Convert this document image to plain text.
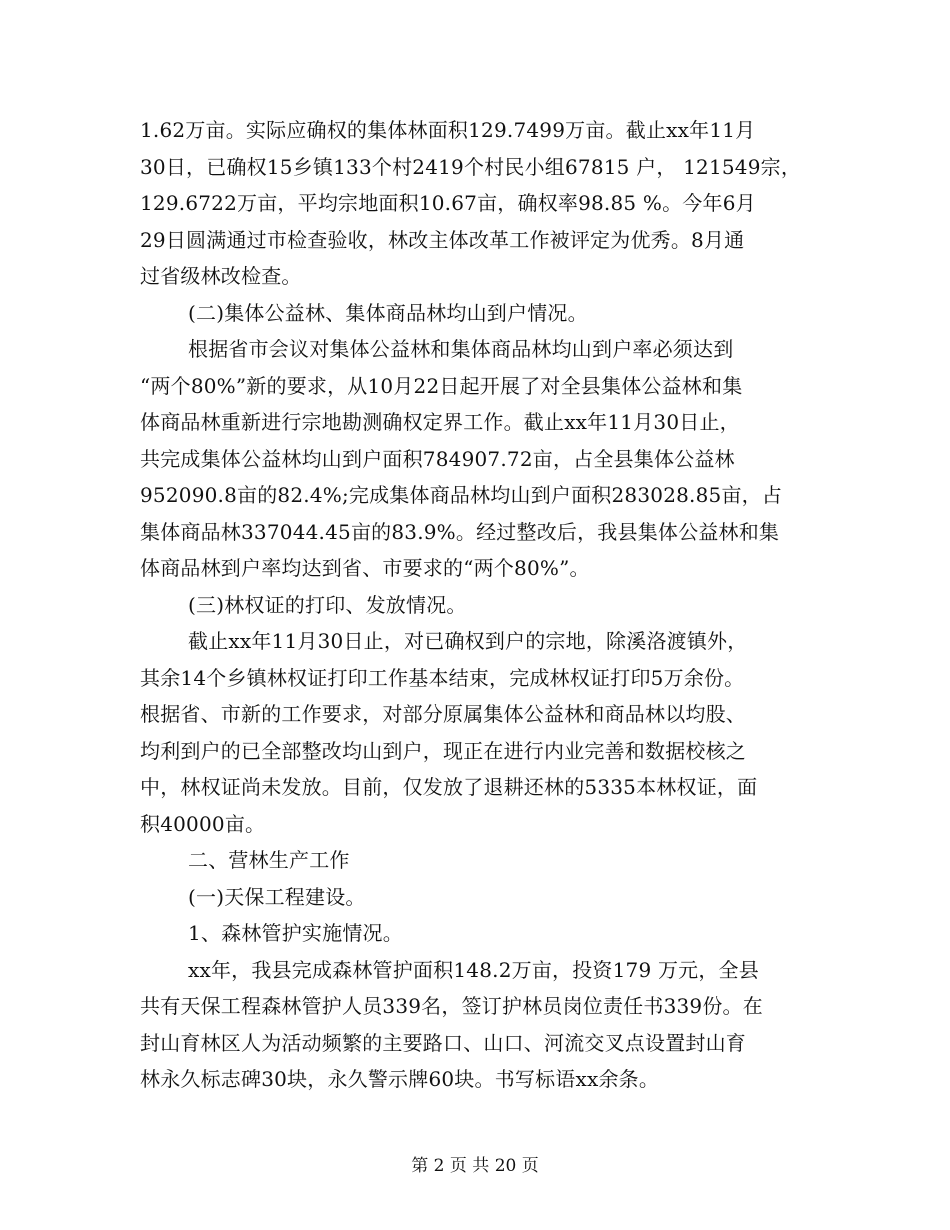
1.62万亩。实际应确权的集体林面积129.7499万亩。截止xx年11月
30日，已确权15乡镇133个村2419个村民小组67815 户， 121549宗，
129.6722万亩，平均宗地面积10.67亩，确权率98.85 %。今年6月
29日圆满通过市检查验收，林改主体改革工作被评定为优秀。8月通
过省级林改检查。
(二)集体公益林、集体商品林均山到户情况。
根据省市会议对集体公益林和集体商品林均山到户率必须达到
“两个80%”新的要求，从10月22日起开展了对全县集体公益林和集
体商品林重新进行宗地勘测确权定界工作。截止xx年11月30日止，
共完成集体公益林均山到户面积784907.72亩，占全县集体公益林
952090.8亩的82.4%;完成集体商品林均山到户面积283028.85亩，占
集体商品林337044.45亩的83.9%。经过整改后，我县集体公益林和集
体商品林到户率均达到省、市要求的“两个80%”。
(三)林权证的打印、发放情况。
截止xx年11月30日止，对已确权到户的宗地，除溪洛渡镇外，
其余14个乡镇林权证打印工作基本结束，完成林权证打印5万余份。
根据省、市新的工作要求，对部分原属集体公益林和商品林以均股、
均利到户的已全部整改均山到户，现正在进行内业完善和数据校核之
中，林权证尚未发放。目前，仅发放了退耕还林的5335本林权证，面
积40000亩。
二、营林生产工作
(一)天保工程建设。
1、森林管护实施情况。
xx年，我县完成森林管护面积148.2万亩，投资179 万元，全县
共有天保工程森林管护人员339名，签订护林员岗位责任书339份。在
封山育林区人为活动频繁的主要路口、山口、河流交叉点设置封山育
林永久标志碑30块，永久警示牌60块。书写标语xx余条。
第 2 页 共 20 页
